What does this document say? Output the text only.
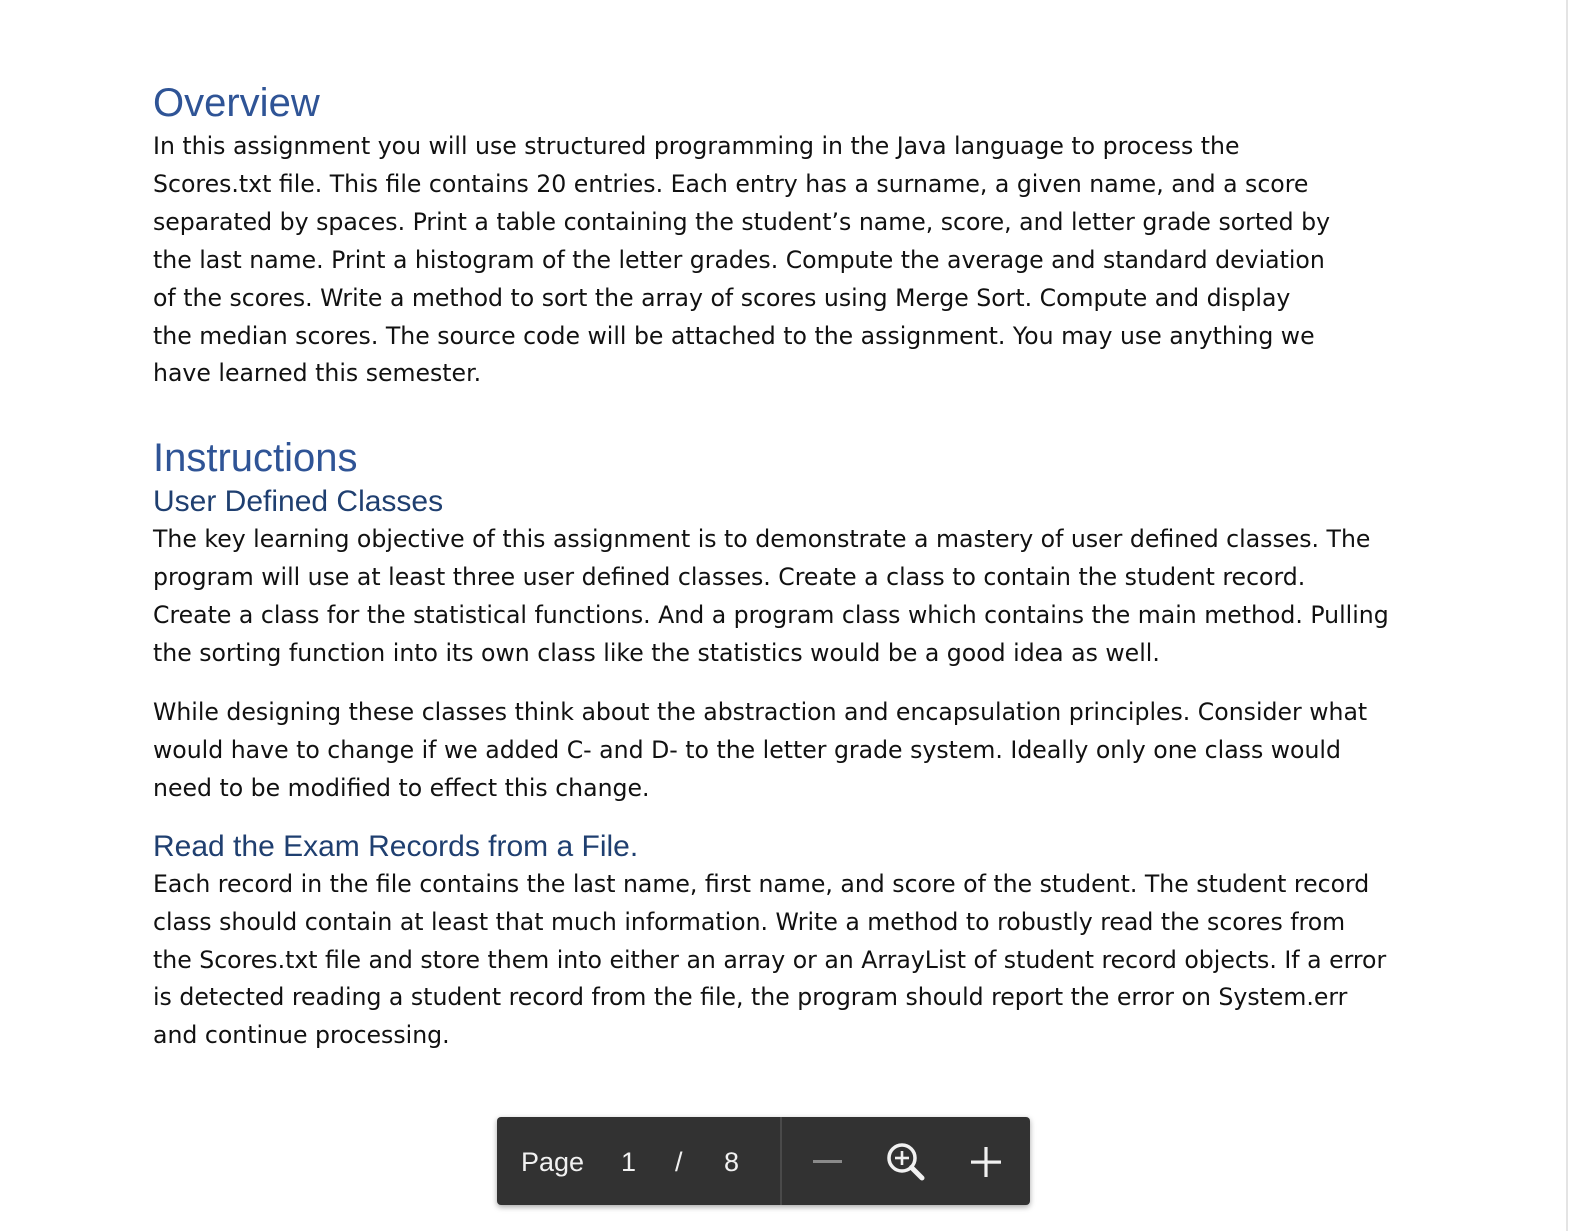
Overview

In this assignment you will use structured programming in the Java language to process the
Scores.txt file. This file contains 20 entries. Each entry has a surname, a given name, and a score
separated by spaces. Print a table containing the student’s name, score, and letter grade sorted by
the last name. Print a histogram of the letter grades. Compute the average and standard deviation
of the scores. Write a method to sort the array of scores using Merge Sort. Compute and display
the median scores. The source code will be attached to the assignment. You may use anything we
have learned this semester.

Instructions
User Defined Classes

The key learning objective of this assignment is to demonstrate a mastery of user defined classes. The
program will use at least three user defined classes. Create a class to contain the student record.
Create a class for the statistical functions. And a program class which contains the main method. Pulling
the sorting function into its own class like the statistics would be a good idea as well.

While designing these classes think about the abstraction and encapsulation principles. Consider what
would have to change if we added C- and D- to the letter grade system. Ideally only one class would
need to be modified to effect this change.

Read the Exam Records from a File.

Each record in the file contains the last name, first name, and score of the student. The student record
class should contain at least that much information. Write a method to robustly read the scores from
the Scores.txt file and store them into either an array or an ArrayList of student record objects. If a error
is detected reading a student record from the file, the program should report the error on System.err
and continue processing.

Page 1 / 8
